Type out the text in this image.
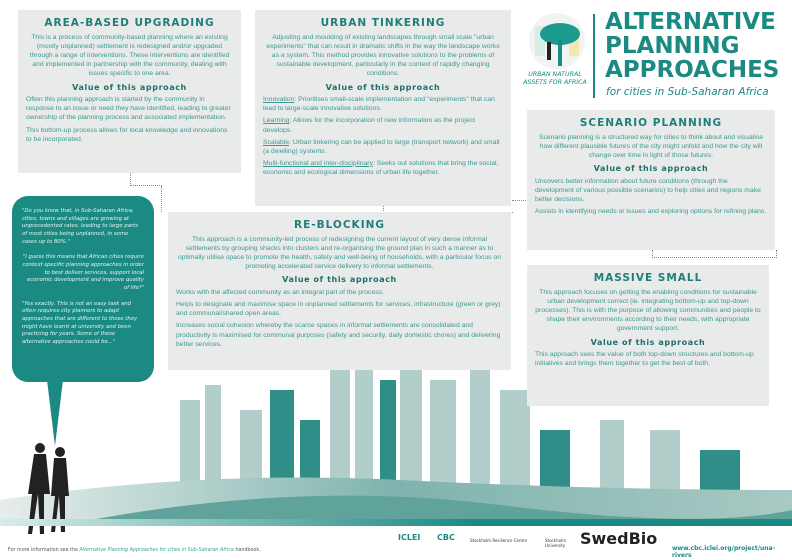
AREA-BASED UPGRADING

This is a process of community-based planning where an existing (mostly unplanned) settlement is redesigned and/or upgraded through a range of interventions. These interventions are identified and implemented in partnership with the community, dealing with issues specific to one area.

Value of this approach

Often this planning approach is started by the community in response to an issue or need they have identified, leading to greater ownership of the planning process and associated implementation.

This bottom-up process allows for local knowledge and innovations to be incorporated.

URBAN TINKERING

Adjusting and moulding of existing landscapes through small scale "urban experiments" that can result in dramatic shifts in the way the landscape works as a system. This method provides innovative solutions to the problems of sustainable development, particularly in the context of rapidly changing conditions.

Value of this approach

Innovation: Prioritises small-scale implementation and "experiments" that can lead to large-scale innovative solutions.

Learning: Allows for the incorporation of new information as the project develops.

Scalable: Urban tinkering can be applied to large (transport network) and small (a dwelling) systems.

Multi-functional and inter-disciplinary: Seeks out solutions that bring the social, economic and ecological dimensions of urban life together.

URBAN NATURAL ASSETS FOR AFRICA
ALTERNATIVE
PLANNING
APPROACHES
for cities in Sub-Saharan Africa
SCENARIO PLANNING

Scenario planning is a structured way for cities to think about and visualise how different plausible futures of the city might unfold and how the city will change over time in light of those futures.

Value of this approach

Uncovers better information about future conditions (through the development of various possible scenarios) to help cities and regions make better decisions.

Assists in identifying needs or issues and exploring options for refining plans.

MASSIVE SMALL

This approach focuses on getting the enabling conditions for sustainable urban development correct (ie. integrating bottom-up and top-down processes). This is with the purpose of allowing communities and people to shape their environments according to their needs, with appropriate government support.

Value of this approach

This approach sees the value of both top-down structures and bottom-up initiatives and brings them together to get the best of both.

RE-BLOCKING

This approach is a community-led process of redesigning the current layout of very dense informal settlements by grouping shacks into clusters and re-organising the ground plan in such a manner as to optimally utilise space to promote the health, safety and well-being of households, with a particular focus on promoting accelerated service delivery to informal settlements.

Value of this approach

Works with the affected community as an integral part of the process.

Helps to designate and maximise space in unplanned settlements for services, infrastructure (green or grey) and communal/shared open areas.

Increases social cohesion whereby the scarce spaces in informal settlements are consolidated and productivity is maximised for communal purposes (safety and security, daily domestic chores) and delivering better services.

"Do you know that, in Sub-Saharan Africa, cities, towns and villages are growing at unprecedented rates, leading to large parts of most cities being unplanned, in some cases up to 80%."

"I guess this means that African cities require context specific planning approaches in order to best deliver services, support local economic development and improve quality of life?"

"Yes exactly. This is not an easy task and often requires city planners to adapt approaches that are different to those they might have learnt at university and been practicing for years. Some of these alternative approaches could be..."

For more information see the Alternative Planning Approaches for cities in Sub-Saharan Africa handbook.
ICLEI CBC	Stockholm Resilience Centre	Stockholm University SwedBio
www.cbc.iclei.org/project/una-rivers
